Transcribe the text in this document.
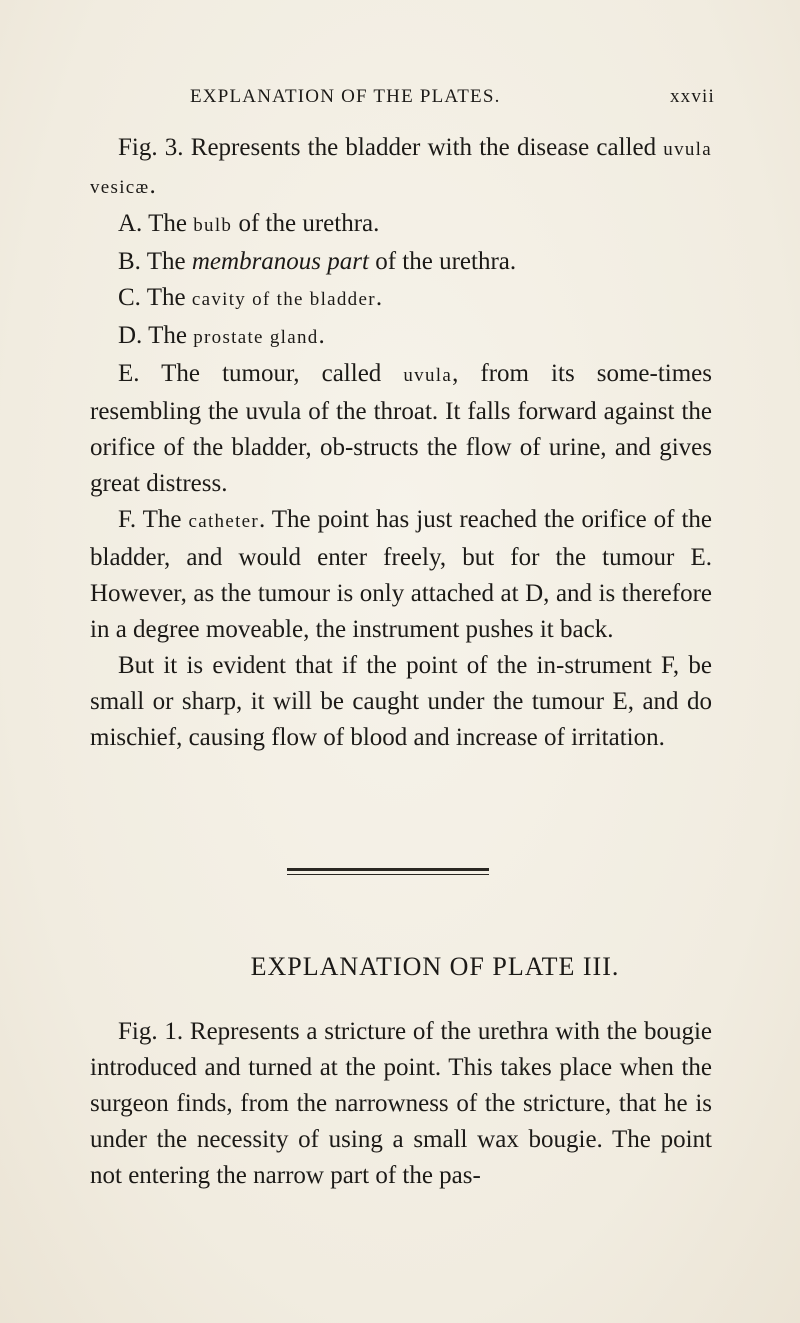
EXPLANATION OF THE PLATES.	xxvii

Fig. 3. Represents the bladder with the disease called uvula vesicæ.

A. The bulb of the urethra.

B. The membranous part of the urethra.

C. The cavity of the bladder.

D. The prostate gland.

E. The tumour, called uvula, from its some-times resembling the uvula of the throat. It falls forward against the orifice of the bladder, ob-structs the flow of urine, and gives great distress.

F. The catheter. The point has just reached the orifice of the bladder, and would enter freely, but for the tumour E. However, as the tumour is only attached at D, and is therefore in a degree moveable, the instrument pushes it back.

But it is evident that if the point of the in-strument F, be small or sharp, it will be caught under the tumour E, and do mischief, causing flow of blood and increase of irritation.

EXPLANATION OF PLATE III.

Fig. 1. Represents a stricture of the urethra with the bougie introduced and turned at the point. This takes place when the surgeon finds, from the narrowness of the stricture, that he is under the necessity of using a small wax bougie. The point not entering the narrow part of the pas-
